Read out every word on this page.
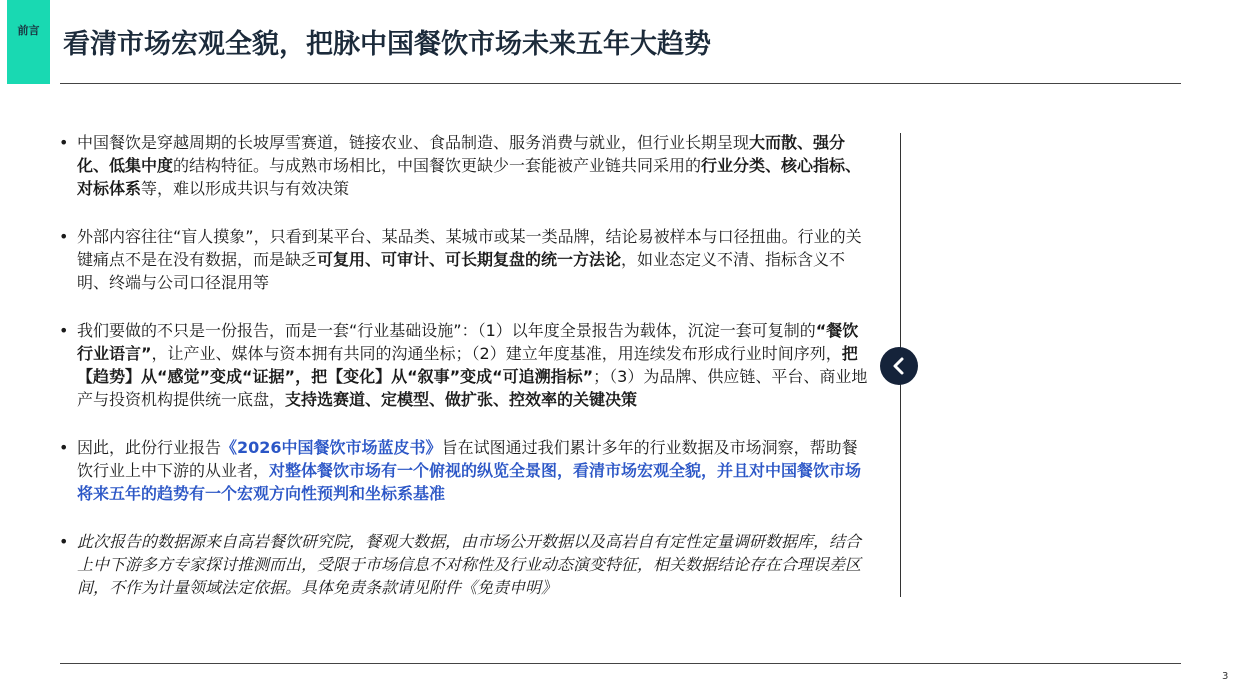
前言 看清市场宏观全貌，把脉中国餐饮市场未来五年大趋势
• 中国餐饮是穿越周期的长坡厚雪赛道，链接农业、食品制造、服务消费与就业，但行业长期呈现大而散、强分化、低集中度的结构特征。与成熟市场相比，中国餐饮更缺少一套能被产业链共同采用的行业分类、核心指标、对标体系等，难以形成共识与有效决策
• 外部内容往往“盲人摸象”，只看到某平台、某品类、某城市或某一类品牌，结论易被样本与口径扭曲。行业的关键痛点不是在没有数据，而是缺乏可复用、可审计、可长期复盘的统一方法论，如业态定义不清、指标含义不明、终端与公司口径混用等
• 我们要做的不只是一份报告，而是一套“行业基础设施”：（1）以年度全景报告为载体，沉淀一套可复制的“餐饮行业语言”，让产业、媒体与资本拥有共同的沟通坐标；（2）建立年度基准，用连续发布形成行业时间序列，把【趋势】从“感觉”变成“证据”，把【变化】从“叙事”变成“可追溯指标”；（3）为品牌、供应链、平台、商业地产与投资机构提供统一底盘，支持选赛道、定模型、做扩张、控效率的关键决策
• 因此，此份行业报告《2026中国餐饮市场蓝皮书》旨在试图通过我们累计多年的行业数据及市场洞察，帮助餐饮行业上中下游的从业者，对整体餐饮市场有一个俯视的纵览全景图，看清市场宏观全貌，并且对中国餐饮市场将来五年的趋势有一个宏观方向性预判和坐标系基准
• 此次报告的数据源来自高岩餐饮研究院，餐观大数据，由市场公开数据以及高岩自有定性定量调研数据库，结合上中下游多方专家探讨推测而出，受限于市场信息不对称性及行业动态演变特征，相关数据结论存在合理误差区间，不作为计量领域法定依据。具体免责条款请见附件《免责申明》
3
